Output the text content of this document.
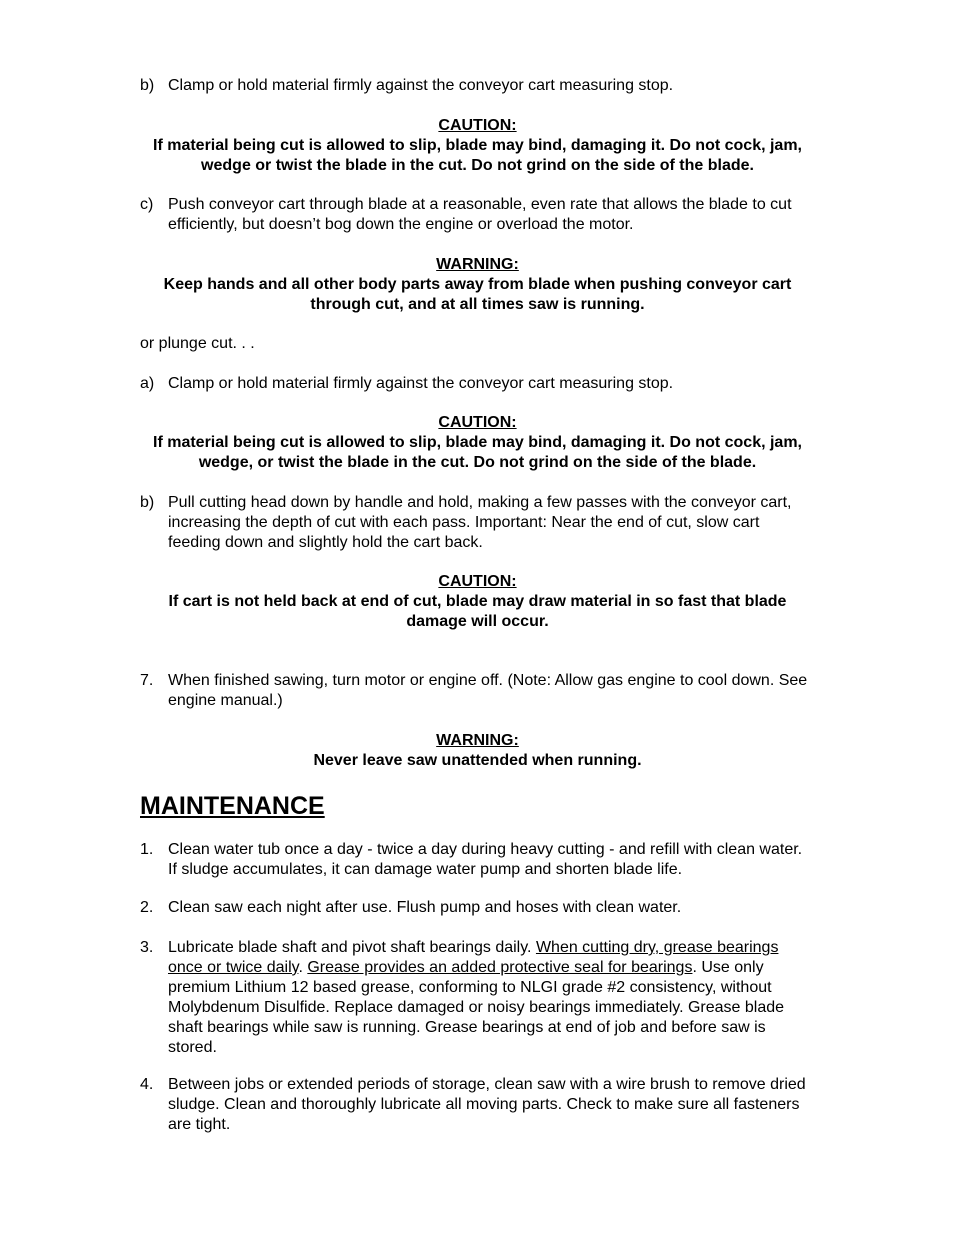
b) Clamp or hold material firmly against the conveyor cart measuring stop.
CAUTION:
If material being cut is allowed to slip, blade may bind, damaging it. Do not cock, jam, wedge or twist the blade in the cut. Do not grind on the side of the blade.
c) Push conveyor cart through blade at a reasonable, even rate that allows the blade to cut efficiently, but doesn’t bog down the engine or overload the motor.
WARNING:
Keep hands and all other body parts away from blade when pushing conveyor cart through cut, and at all times saw is running.
or plunge cut. . .
a) Clamp or hold material firmly against the conveyor cart measuring stop.
CAUTION:
If material being cut is allowed to slip, blade may bind, damaging it. Do not cock, jam, wedge, or twist the blade in the cut. Do not grind on the side of the blade.
b) Pull cutting head down by handle and hold, making a few passes with the conveyor cart, increasing the depth of cut with each pass. Important: Near the end of cut, slow cart feeding down and slightly hold the cart back.
CAUTION:
If cart is not held back at end of cut, blade may draw material in so fast that blade damage will occur.
7. When finished sawing, turn motor or engine off. (Note: Allow gas engine to cool down. See engine manual.)
WARNING:
Never leave saw unattended when running.
MAINTENANCE
1. Clean water tub once a day - twice a day during heavy cutting - and refill with clean water. If sludge accumulates, it can damage water pump and shorten blade life.
2. Clean saw each night after use. Flush pump and hoses with clean water.
3. Lubricate blade shaft and pivot shaft bearings daily. When cutting dry, grease bearings once or twice daily. Grease provides an added protective seal for bearings. Use only premium Lithium 12 based grease, conforming to NLGI grade #2 consistency, without Molybdenum Disulfide. Replace damaged or noisy bearings immediately. Grease blade shaft bearings while saw is running. Grease bearings at end of job and before saw is stored.
4. Between jobs or extended periods of storage, clean saw with a wire brush to remove dried sludge. Clean and thoroughly lubricate all moving parts. Check to make sure all fasteners are tight.
